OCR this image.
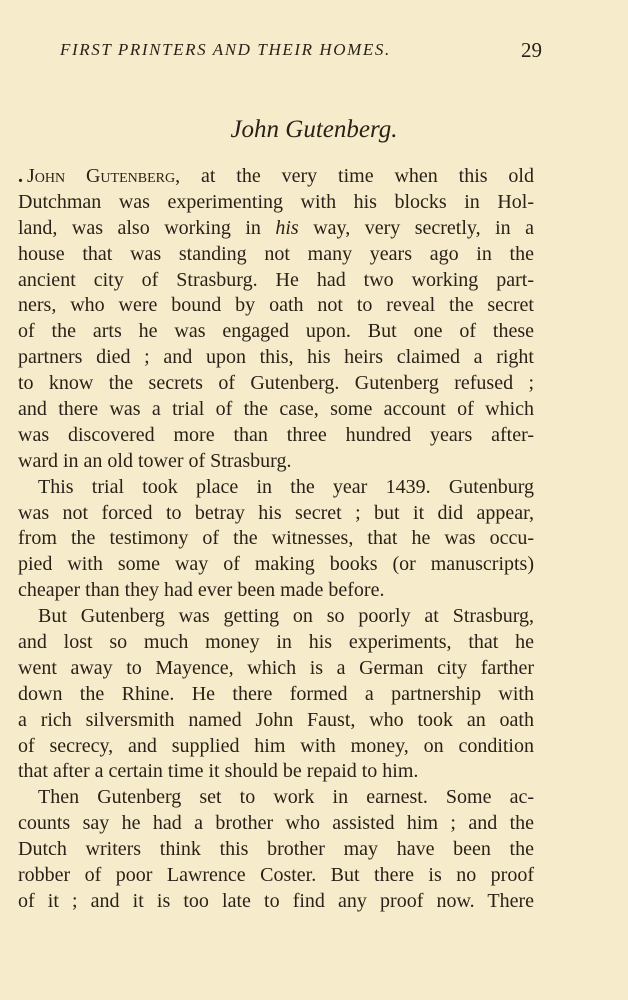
FIRST PRINTERS AND THEIR HOMES.	29
John Gutenberg.

. John Gutenberg, at the very time when this old
Dutchman was experimenting with his blocks in Hol-
land, was also working in his way, very secretly, in a
house that was standing not many years ago in the
ancient city of Strasburg. He had two working part-
ners, who were bound by oath not to reveal the secret
of the arts he was engaged upon. But one of these
partners died ; and upon this, his heirs claimed a right
to know the secrets of Gutenberg. Gutenberg refused ;
and there was a trial of the case, some account of which
was discovered more than three hundred years after-
ward in an old tower of Strasburg.

This trial took place in the year 1439. Gutenburg
was not forced to betray his secret ; but it did appear,
from the testimony of the witnesses, that he was occu-
pied with some way of making books (or manuscripts)
cheaper than they had ever been made before.

But Gutenberg was getting on so poorly at Strasburg,
and lost so much money in his experiments, that he
went away to Mayence, which is a German city farther
down the Rhine. He there formed a partnership with
a rich silversmith named John Faust, who took an oath
of secrecy, and supplied him with money, on condition
that after a certain time it should be repaid to him.

Then Gutenberg set to work in earnest. Some ac-
counts say he had a brother who assisted him ; and the
Dutch writers think this brother may have been the
robber of poor Lawrence Coster. But there is no proof
of it ; and it is too late to find any proof now. There
